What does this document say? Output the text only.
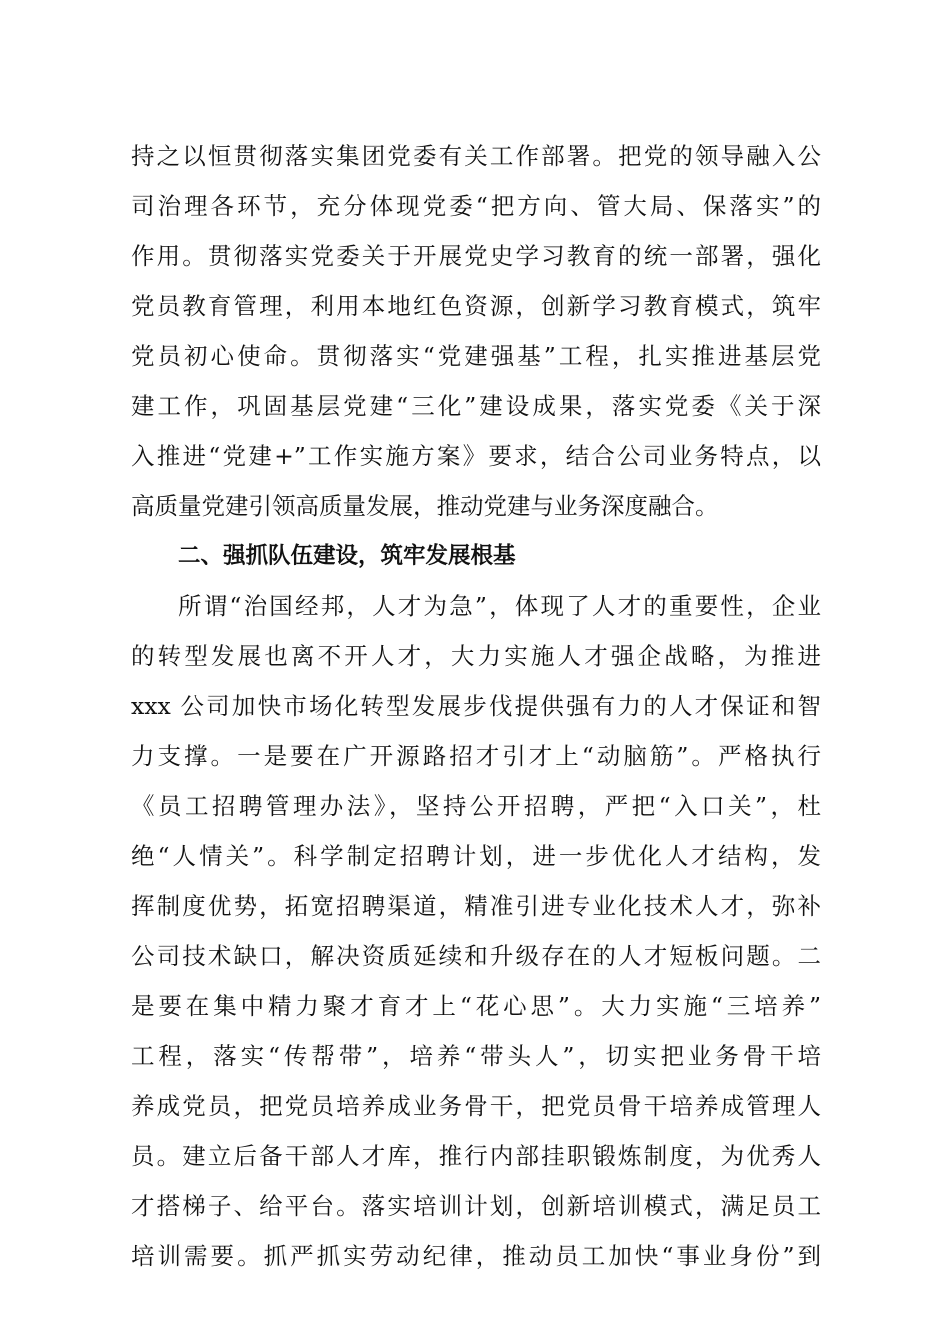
持之以恒贯彻落实集团党委有关工作部署。把党的领导融入公
司治理各环节，充分体现党委“把方向、管大局、保落实”的
作用。贯彻落实党委关于开展党史学习教育的统一部署，强化
党员教育管理，利用本地红色资源，创新学习教育模式，筑牢
党员初心使命。贯彻落实“党建强基”工程，扎实推进基层党
建工作，巩固基层党建“三化”建设成果，落实党委《关于深
入推进“党建+”工作实施方案》要求，结合公司业务特点，以
高质量党建引领高质量发展，推动党建与业务深度融合。
二、强抓队伍建设，筑牢发展根基
所谓“治国经邦，人才为急”，体现了人才的重要性，企业
的转型发展也离不开人才，大力实施人才强企战略，为推进
xxx 公司加快市场化转型发展步伐提供强有力的人才保证和智
力支撑。一是要在广开源路招才引才上“动脑筋”。严格执行
《员工招聘管理办法》，坚持公开招聘，严把“入口关”，杜
绝“人情关”。科学制定招聘计划，进一步优化人才结构，发
挥制度优势，拓宽招聘渠道，精准引进专业化技术人才，弥补
公司技术缺口，解决资质延续和升级存在的人才短板问题。二
是要在集中精力聚才育才上“花心思”。大力实施“三培养”
工程，落实“传帮带”，培养“带头人”，切实把业务骨干培
养成党员，把党员培养成业务骨干，把党员骨干培养成管理人
员。建立后备干部人才库，推行内部挂职锻炼制度，为优秀人
才搭梯子、给平台。落实培训计划，创新培训模式，满足员工
培训需要。抓严抓实劳动纪律，推动员工加快“事业身份”到
